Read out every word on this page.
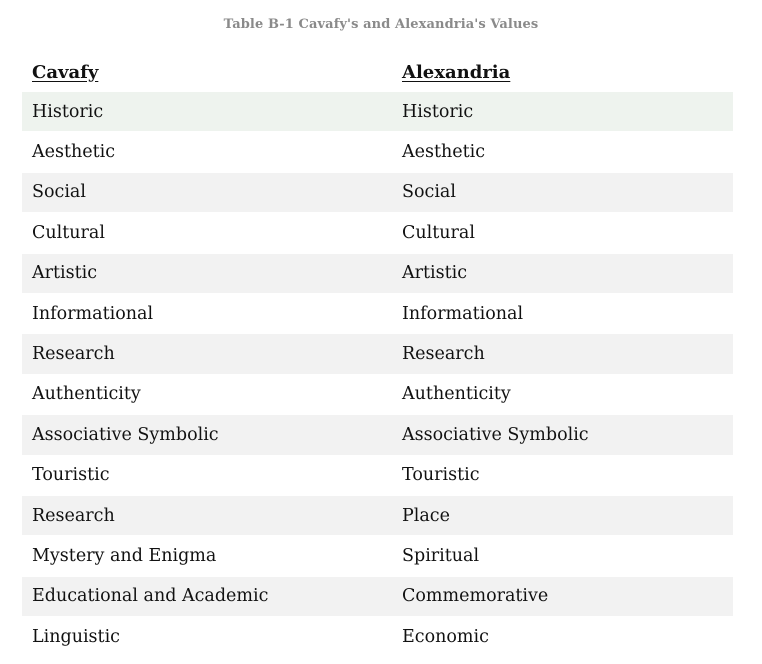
Table B-1 Cavafy's and Alexandria's Values
Cavafy	Alexandria
Historic	Historic
Aesthetic	Aesthetic
Social	Social
Cultural	Cultural
Artistic	Artistic
Informational	Informational
Research	Research
Authenticity	Authenticity
Associative Symbolic	Associative Symbolic
Touristic	Touristic
Research	Place
Mystery and Enigma	Spiritual
Educational and Academic	Commemorative
Linguistic	Economic
